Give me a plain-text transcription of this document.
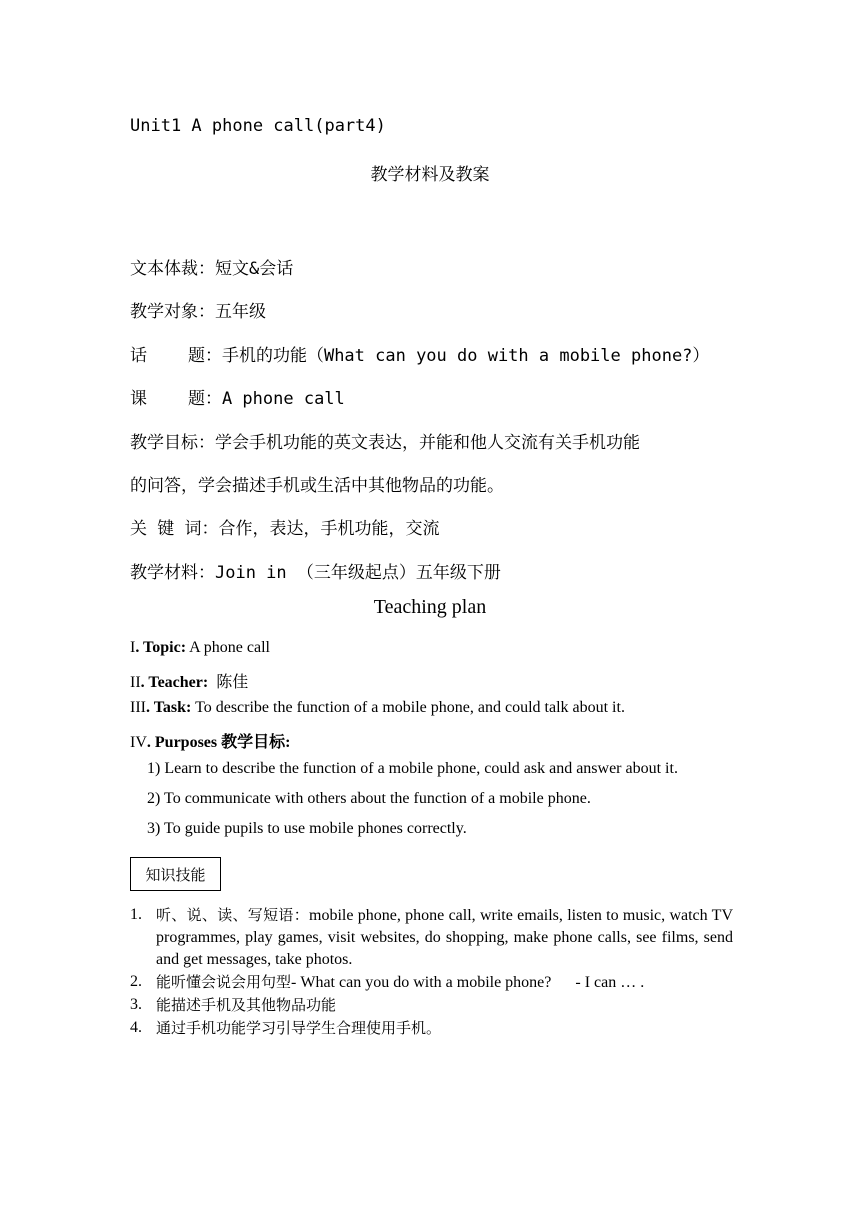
Unit1 A phone call(part4)
教学材料及教案
文本体裁：短文&会话
教学对象：五年级
话    题：手机的功能（What can you do with a mobile phone?）
课    题：A phone call
教学目标：学会手机功能的英文表达，并能和他人交流有关手机功能
的问答，学会描述手机或生活中其他物品的功能。
关 键 词：合作，表达，手机功能，交流
教学材料：Join in （三年级起点）五年级下册
Teaching plan
I. Topic: A phone call
II. Teacher:  陈佳
III. Task: To describe the function of a mobile phone, and could talk about it.
IV. Purposes 教学目标:
1) Learn to describe the function of a mobile phone, could ask and answer about it.
2) To communicate with others about the function of a mobile phone.
3) To guide pupils to use mobile phones correctly.
知识技能
1. 听、说、读、写短语：mobile phone, phone call, write emails, listen to music, watch TV programmes, play games, visit websites, do shopping, make phone calls, see films, send and get messages, take photos.
2. 能听懂会说会用句型- What can you do with a mobile phone?      - I can … .
3. 能描述手机及其他物品功能
4. 通过手机功能学习引导学生合理使用手机。
